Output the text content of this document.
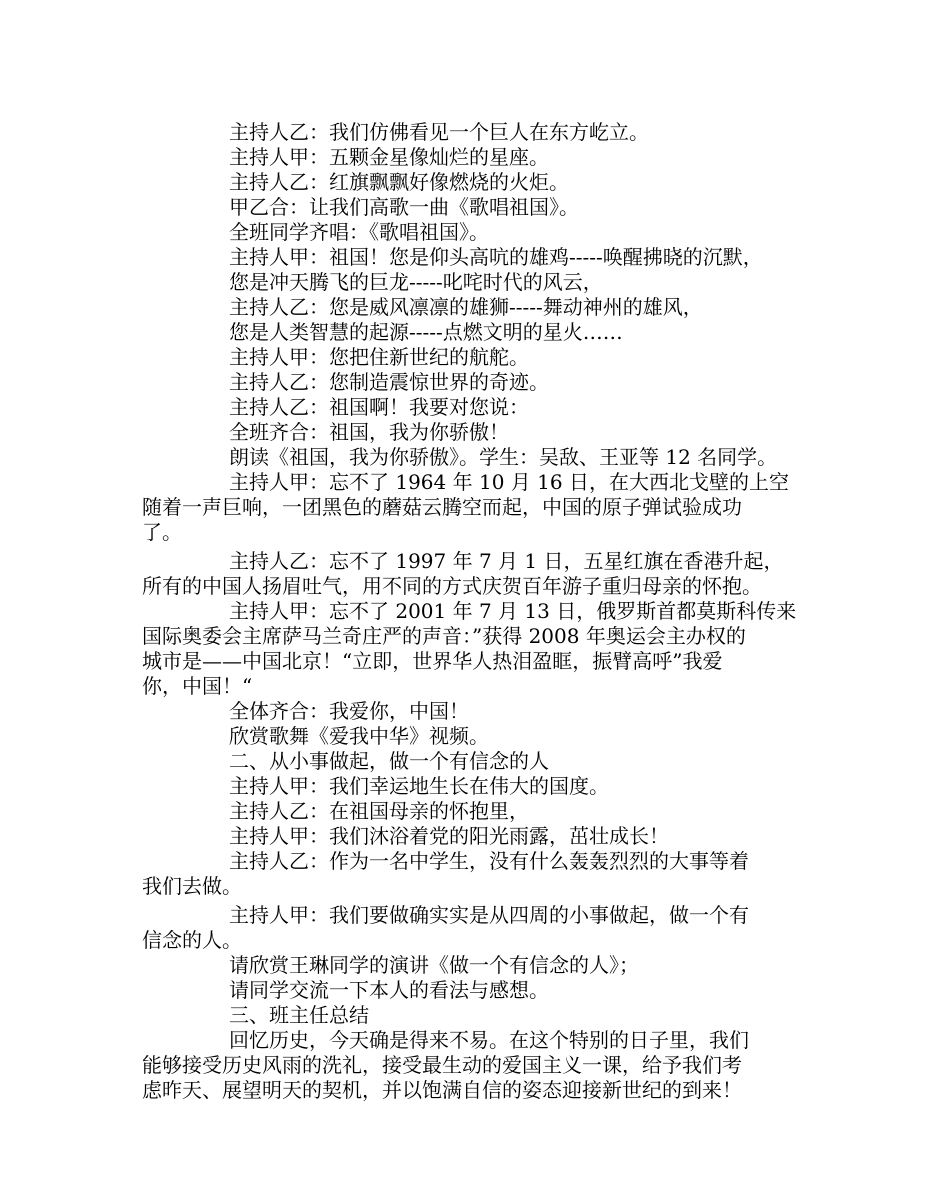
主持人乙：我们仿佛看见一个巨人在东方屹立。
主持人甲：五颗金星像灿烂的星座。
主持人乙：红旗飘飘好像燃烧的火炬。
甲乙合：让我们高歌一曲《歌唱祖国》。
全班同学齐唱：《歌唱祖国》。
主持人甲：祖国！您是仰头高吭的雄鸡-----唤醒拂晓的沉默，
您是冲天腾飞的巨龙-----叱咤时代的风云，
主持人乙：您是威风凛凛的雄狮-----舞动神州的雄风，
您是人类智慧的起源-----点燃文明的星火……
主持人甲：您把住新世纪的航舵。
主持人乙：您制造震惊世界的奇迹。
主持人乙：祖国啊！我要对您说：
全班齐合：祖国，我为你骄傲！
朗读《祖国，我为你骄傲》。学生：吴敌、王亚等 12 名同学。
主持人甲：忘不了 1964 年 10 月 16 日，在大西北戈壁的上空
随着一声巨响，一团黑色的蘑菇云腾空而起，中国的原子弹试验成功
了。
主持人乙：忘不了 1997 年 7 月 1 日，五星红旗在香港升起，
所有的中国人扬眉吐气，用不同的方式庆贺百年游子重归母亲的怀抱。
主持人甲：忘不了 2001 年 7 月 13 日，俄罗斯首都莫斯科传来
国际奥委会主席萨马兰奇庄严的声音：”获得 2008 年奥运会主办权的
城市是——中国北京！“立即，世界华人热泪盈眶，振臂高呼”我爱
你，中国！“
全体齐合：我爱你，中国！
欣赏歌舞《爱我中华》视频。
二、从小事做起，做一个有信念的人
主持人甲：我们幸运地生长在伟大的国度。
主持人乙：在祖国母亲的怀抱里，
主持人甲：我们沐浴着党的阳光雨露，茁壮成长！
主持人乙：作为一名中学生，没有什么轰轰烈烈的大事等着
我们去做。
主持人甲：我们要做确实实是从四周的小事做起，做一个有
信念的人。
请欣赏王琳同学的演讲《做一个有信念的人》；
请同学交流一下本人的看法与感想。
三、班主任总结
回忆历史，今天确是得来不易。在这个特别的日子里，我们
能够接受历史风雨的洗礼，接受最生动的爱国主义一课，给予我们考
虑昨天、展望明天的契机，并以饱满自信的姿态迎接新世纪的到来！
